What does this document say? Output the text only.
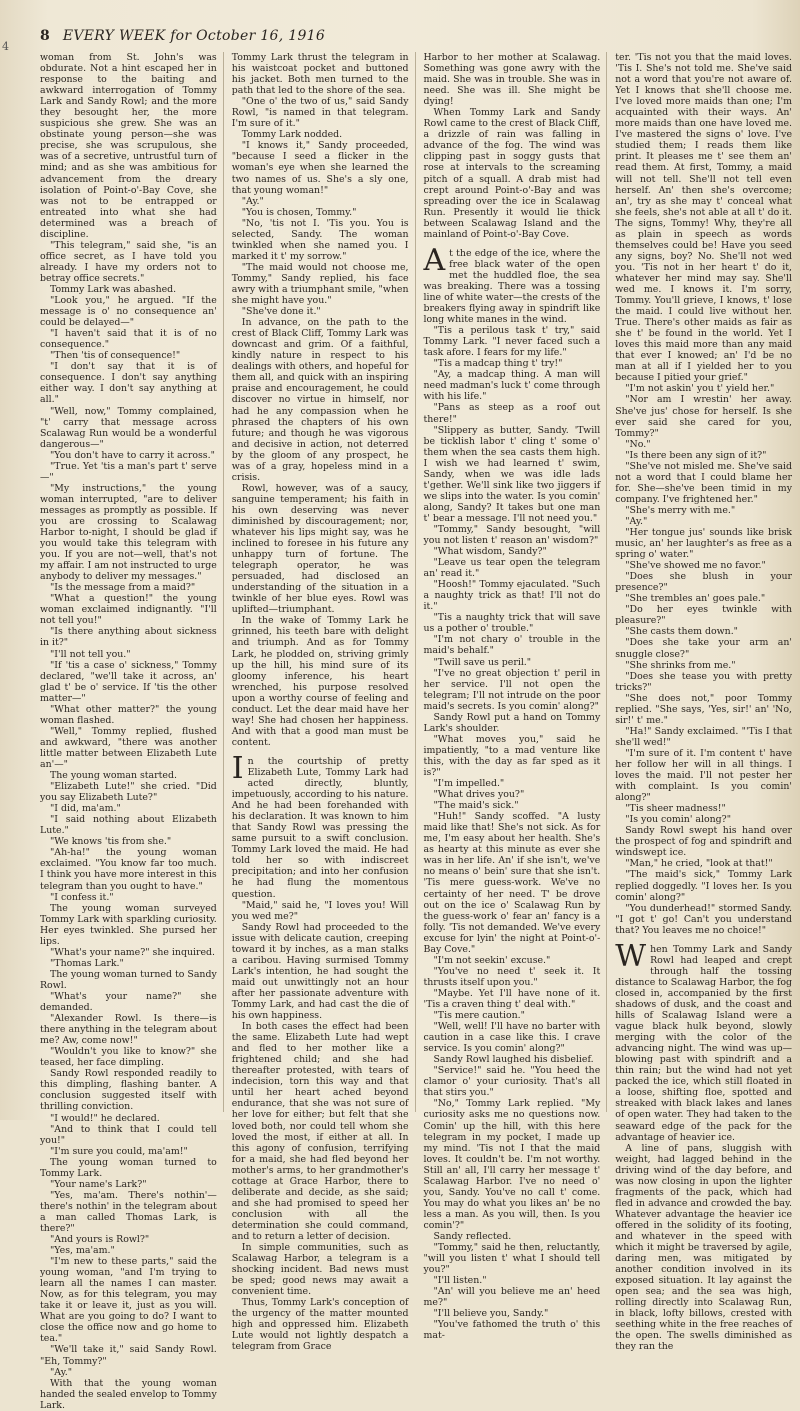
4
8 EVERY WEEK for October 16, 1916

woman from St. John's was obdurate. Not a hint escaped her in response to the baiting and awkward interrogation of Tommy Lark and Sandy Rowl; and the more they besought her, the more suspicious she grew. She was an obstinate young person—she was precise, she was scrupulous, she was of a secretive, untrustful turn of mind; and as she was ambitious for advancement from the dreary isolation of Point-o'-Bay Cove, she was not to be entrapped or entreated into what she had determined was a breach of discipline.

"This telegram," said she, "is an office secret, as I have told you already. I have my orders not to betray office secrets."

Tommy Lark was abashed.

"Look you," he argued. "If the message is o' no consequence an' could be delayed—"

"I haven't said that it is of no consequence."

"Then 'tis of consequence!"

"I don't say that it is of consequence. I don't say anything either way. I don't say anything at all."

"Well, now," Tommy complained, "t' carry that message across Scalawag Run would be a wonderful dangerous—"

"You don't have to carry it across."

"True. Yet 'tis a man's part t' serve—"

"My instructions," the young woman interrupted, "are to deliver messages as promptly as possible. If you are crossing to Scalawag Harbor to-night, I should be glad if you would take this telegram with you. If you are not—well, that's not my affair. I am not instructed to urge anybody to deliver my messages."

"Is the message from a maid?"

"What a question!" the young woman exclaimed indignantly. "I'll not tell you!"

"Is there anything about sickness in it?"

"I'll not tell you."

"If 'tis a case o' sickness," Tommy declared, "we'll take it across, an' glad t' be o' service. If 'tis the other matter—"

"What other matter?" the young woman flashed.

"Well," Tommy replied, flushed and awkward, "there was another little matter between Elizabeth Lute an'—"

The young woman started.

"Elizabeth Lute!" she cried. "Did you say Elizabeth Lute?"

"I did, ma'am."

"I said nothing about Elizabeth Lute."

"We knows 'tis from she."

"Ah-ha!" the young woman exclaimed. "You know far too much. I think you have more interest in this telegram than you ought to have."

"I confess it."

The young woman surveyed Tommy Lark with sparkling curiosity. Her eyes twinkled. She pursed her lips.

"What's your name?" she inquired.

"Thomas Lark."

The young woman turned to Sandy Rowl.

"What's your name?" she demanded.

"Alexander Rowl. Is there—is there anything in the telegram about me? Aw, come now!"

"Wouldn't you like to know?" she teased, her face dimpling.

Sandy Rowl responded readily to this dimpling, flashing banter. A conclusion suggested itself with thrilling conviction.

"I would!" he declared.

"And to think that I could tell you!"

"I'm sure you could, ma'am!"

The young woman turned to Tommy Lark.

"Your name's Lark?"

"Yes, ma'am. There's nothin'—there's nothin' in the telegram about a man called Thomas Lark, is there?"

"And yours is Rowl?"

"Yes, ma'am."

"I'm new to these parts," said the young woman, "and I'm trying to learn all the names I can master. Now, as for this telegram, you may take it or leave it, just as you will. What are you going to do? I want to close the office now and go home to tea."

"We'll take it," said Sandy Rowl. "Eh, Tommy?"

"Ay."

With that the young woman handed the sealed envelop to Tommy Lark.

Tommy Lark thrust the telegram in his waistcoat pocket and buttoned his jacket. Both men turned to the path that led to the shore of the sea.

"One o' the two of us," said Sandy Rowl, "is named in that telegram. I'm sure of it."

Tommy Lark nodded.

"I knows it," Sandy proceeded, "because I seed a flicker in the woman's eye when she learned the two names of us. She's a sly one, that young woman!"

"Ay."

"You is chosen, Tommy."

"No, 'tis not I. 'Tis you. You is selected, Sandy. The woman twinkled when she named you. I marked it t' my sorrow."

"The maid would not choose me, Tommy," Sandy replied, his face awry with a triumphant smile, "when she might have you."

"She've done it."

In advance, on the path to the crest of Black Cliff, Tommy Lark was downcast and grim. Of a faithful, kindly nature in respect to his dealings with others, and hopeful for them all, and quick with an inspiring praise and encouragement, he could discover no virtue in himself, nor had he any compassion when he phrased the chapters of his own future; and though he was vigorous and decisive in action, not deterred by the gloom of any prospect, he was of a gray, hopeless mind in a crisis.

Rowl, however, was of a saucy, sanguine temperament; his faith in his own deserving was never diminished by discouragement; nor, whatever his lips might say, was he inclined to foresee in his future any unhappy turn of fortune. The telegraph operator, he was persuaded, had disclosed an understanding of the situation in a twinkle of her blue eyes. Rowl was uplifted—triumphant.

In the wake of Tommy Lark he grinned, his teeth bare with delight and triumph. And as for Tommy Lark, he plodded on, striving grimly up the hill, his mind sure of its gloomy inference, his heart wrenched, his purpose resolved upon a worthy course of feeling and conduct. Let the dear maid have her way! She had chosen her happiness. And with that a good man must be content.

In the courtship of pretty Elizabeth Lute, Tommy Lark had acted directly, bluntly, impetuously, according to his nature. And he had been forehanded with his declaration. It was known to him that Sandy Rowl was pressing the same pursuit to a swift conclusion. Tommy Lark loved the maid. He had told her so with indiscreet precipitation; and into her confusion he had flung the momentous question.

"Maid," said he, "I loves you! Will you wed me?"

Sandy Rowl had proceeded to the issue with delicate caution, creeping toward it by inches, as a man stalks a caribou. Having surmised Tommy Lark's intention, he had sought the maid out unwittingly not an hour after her passionate adventure with Tommy Lark, and had cast the die of his own happiness.

In both cases the effect had been the same. Elizabeth Lute had wept and fled to her mother like a frightened child; and she had thereafter protested, with tears of indecision, torn this way and that until her heart ached beyond endurance, that she was not sure of her love for either; but felt that she loved both, nor could tell whom she loved the most, if either at all. In this agony of confusion, terrifying for a maid, she had fled beyond her mother's arms, to her grandmother's cottage at Grace Harbor, there to deliberate and decide, as she said; and she had promised to speed her conclusion with all the determination she could command, and to return a letter of decision.

In simple communities, such as Scalawag Harbor, a telegram is a shocking incident. Bad news must be sped; good news may await a convenient time.

Thus, Tommy Lark's conception of the urgency of the matter mounted high and oppressed him. Elizabeth Lute would not lightly despatch a telegram from Grace

Harbor to her mother at Scalawag. Something was gone awry with the maid. She was in trouble. She was in need. She was ill. She might be dying!

When Tommy Lark and Sandy Rowl came to the crest of Black Cliff, a drizzle of rain was falling in advance of the fog. The wind was clipping past in soggy gusts that rose at intervals to the screaming pitch of a squall. A drab mist had crept around Point-o'-Bay and was spreading over the ice in Scalawag Run. Presently it would lie thick between Scalawag Island and the mainland of Point-o'-Bay Cove.

At the edge of the ice, where the free black water of the open met the huddled floe, the sea was breaking. There was a tossing line of white water—the crests of the breakers flying away in spindrift like long white manes in the wind.

"Tis a perilous task t' try," said Tommy Lark. "I never faced such a task afore. I fears for my life."

"Tis a madcap thing t' try!"

"Ay, a madcap thing. A man will need madman's luck t' come through with his life."

"Pans as steep as a roof out there!"

"Slippery as butter, Sandy. 'Twill be ticklish labor t' cling t' some o' them when the sea casts them high. I wish we had learned t' swim, Sandy, when we was idle lads t'gether. We'll sink like two jiggers if we slips into the water. Is you comin' along, Sandy? It takes but one man t' bear a message. I'll not need you."

"Tommy," Sandy besought, "will you not listen t' reason an' wisdom?"

"What wisdom, Sandy?"

"Leave us tear open the telegram an' read it."

"Hoosh!" Tommy ejaculated. "Such a naughty trick as that! I'll not do it."

"Tis a naughty trick that will save us a pother o' trouble."

"I'm not chary o' trouble in the maid's behalf."

"Twill save us peril."

"I've no great objection t' peril in her service. I'll not open the telegram; I'll not intrude on the poor maid's secrets. Is you comin' along?"

Sandy Rowl put a hand on Tommy Lark's shoulder.

"What moves you," said he impatiently, "to a mad venture like this, with the day as far sped as it is?"

"I'm impelled."

"What drives you?"

"The maid's sick."

"Huh!" Sandy scoffed. "A lusty maid like that! She's not sick. As for me, I'm easy about her health. She's as hearty at this minute as ever she was in her life. An' if she isn't, we've no means o' bein' sure that she isn't. 'Tis mere guess-work. We've no certainty of her need. T' be drove out on the ice o' Scalawag Run by the guess-work o' fear an' fancy is a folly. 'Tis not demanded. We've every excuse for lyin' the night at Point-o'-Bay Cove."

"I'm not seekin' excuse."

"You've no need t' seek it. It thrusts itself upon you."

"Maybe. Yet I'll have none of it. 'Tis a craven thing t' deal with."

"Tis mere caution."

"Well, well! I'll have no barter with caution in a case like this. I crave service. Is you comin' along?"

Sandy Rowl laughed his disbelief.

"Service!" said he. "You heed the clamor o' your curiosity. That's all that stirs you."

"No," Tommy Lark replied. "My curiosity asks me no questions now. Comin' up the hill, with this here telegram in my pocket, I made up my mind. 'Tis not I that the maid loves. It couldn't be. I'm not worthy. Still an' all, I'll carry her message t' Scalawag Harbor. I've no need o' you, Sandy. You've no call t' come. You may do what you likes an' be no less a man. As you will, then. Is you comin'?"

Sandy reflected.

"Tommy," said he then, reluctantly, "will you listen t' what I should tell you?"

"I'll listen."

"An' will you believe me an' heed me?"

"I'll believe you, Sandy."

"You've fathomed the truth o' this mat-

ter. 'Tis not you that the maid loves. 'Tis I. She's not told me. She've said not a word that you're not aware of. Yet I knows that she'll choose me. I've loved more maids than one; I'm acquainted with their ways. An' more maids than one have loved me. I've mastered the signs o' love. I've studied them; I reads them like print. It pleases me t' see them an' read them. At first, Tommy, a maid will not tell. She'll not tell even herself. An' then she's overcome; an', try as she may t' conceal what she feels, she's not able at all t' do it. The signs, Tommy! Why, they're all as plain in speech as words themselves could be! Have you seed any signs, boy? No. She'll not wed you. 'Tis not in her heart t' do it, whatever her mind may say. She'll wed me. I knows it. I'm sorry, Tommy. You'll grieve, I knows, t' lose the maid. I could live without her. True. There's other maids as fair as she t' be found in the world. Yet I loves this maid more than any maid that ever I knowed; an' I'd be no man at all if I yielded her to you because I pitied your grief."

"I'm not askin' you t' yield her."

"Nor am I wrestin' her away. She've jus' chose for herself. Is she ever said she cared for you, Tommy?"

"No."

"Is there been any sign of it?"

"She've not misled me. She've said not a word that I could blame her for. She—she've been timid in my company. I've frightened her."

"She's merry with me."

"Ay."

"Her tongue jus' sounds like brisk music, an' her laughter's as free as a spring o' water."

"She've showed me no favor."

"Does she blush in your presence?"

"She trembles an' goes pale."

"Do her eyes twinkle with pleasure?"

"She casts them down."

"Does she take your arm an' snuggle close?"

"She shrinks from me."

"Does she tease you with pretty tricks?"

"She does not," poor Tommy replied. "She says, 'Yes, sir!' an' 'No, sir!' t' me."

"Ha!" Sandy exclaimed. "'Tis I that she'll wed!"

"I'm sure of it. I'm content t' have her follow her will in all things. I loves the maid. I'll not pester her with complaint. Is you comin' along?"

"Tis sheer madness!"

"Is you comin' along?"

Sandy Rowl swept his hand over the prospect of fog and spindrift and windswept ice.

"Man," he cried, "look at that!"

"The maid's sick," Tommy Lark replied doggedly. "I loves her. Is you comin' along?"

"You dunderhead!" stormed Sandy. "I got t' go! Can't you understand that? You leaves me no choice!"

When Tommy Lark and Sandy Rowl had leaped and crept through half the tossing distance to Scalawag Harbor, the fog closed in, accompanied by the first shadows of dusk, and the coast and hills of Scalawag Island were a vague black hulk beyond, slowly merging with the color of the advancing night. The wind was up—blowing past with spindrift and a thin rain; but the wind had not yet packed the ice, which still floated in a loose, shifting floe, spotted and streaked with black lakes and lanes of open water. They had taken to the seaward edge of the pack for the advantage of heavier ice.

A line of pans, sluggish with weight, had lagged behind in the driving wind of the day before, and was now closing in upon the lighter fragments of the pack, which had fled in advance and crowded the bay. Whatever advantage the heavier ice offered in the solidity of its footing, and whatever in the speed with which it might be traversed by agile, daring men, was mitigated by another condition involved in its exposed situation. It lay against the open sea; and the sea was high, rolling directly into Scalawag Run, in black, lofty billows, crested with seething white in the free reaches of the open. The swells diminished as they ran the
